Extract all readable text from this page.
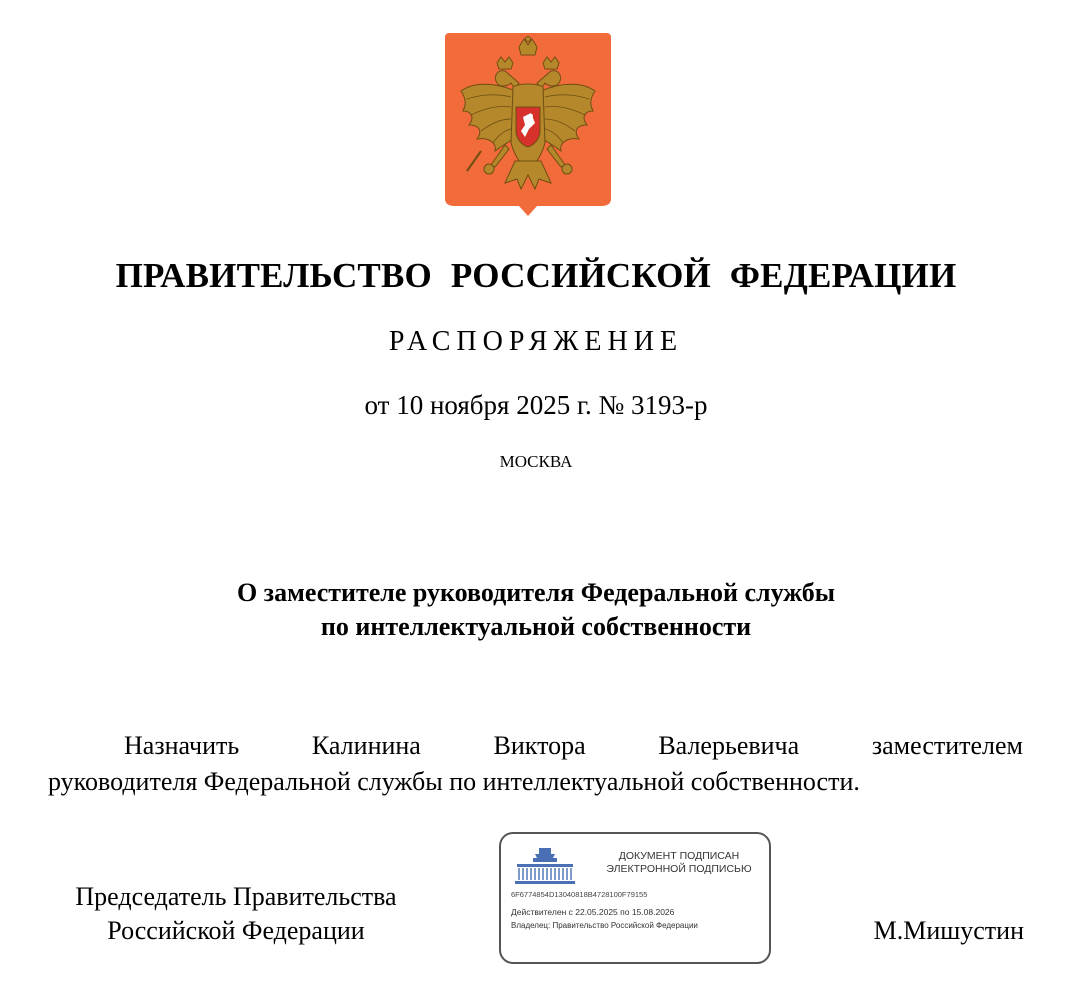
ПРАВИТЕЛЬСТВО РОССИЙСКОЙ ФЕДЕРАЦИИ
РАСПОРЯЖЕНИЕ
от 10 ноября 2025 г. № 3193-р
МОСКВА
О заместителе руководителя Федеральной службы
по интеллектуальной собственности
Назначить	Калинина	Виктора	Валерьевича	заместителем
руководителя Федеральной службы по интеллектуальной собственности.
Председатель Правительства
Российской Федерации
ДОКУМЕНТ ПОДПИСАН
ЭЛЕКТРОННОЙ ПОДПИСЬЮ
6F6774854D13040818B4728100F79155
Действителен с 22.05.2025 по 15.08.2026
Владелец: Правительство Российской Федерации	М.Мишустин
